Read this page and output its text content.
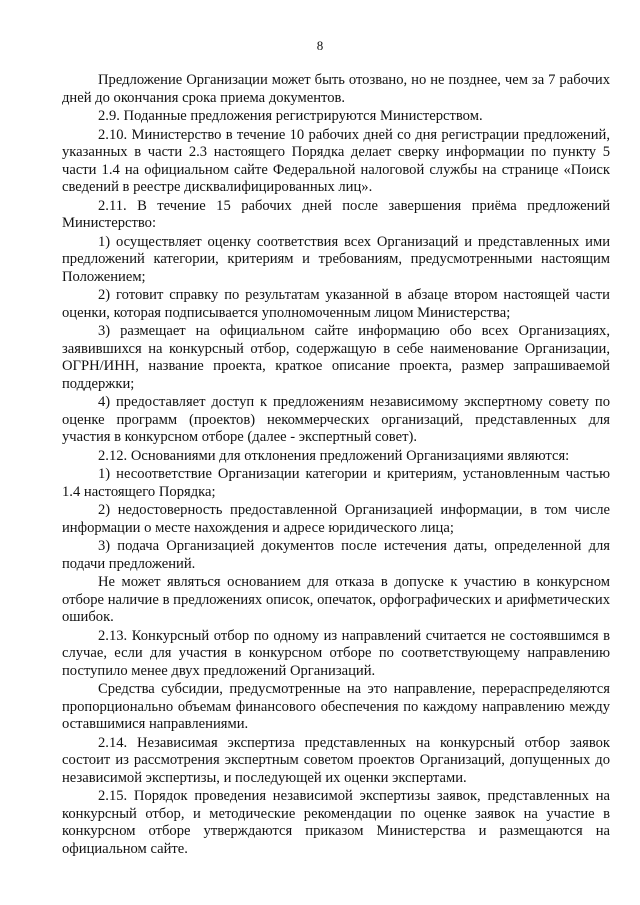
8

Предложение Организации может быть отозвано, но не позднее, чем за 7 рабочих дней до окончания срока приема документов.

2.9. Поданные предложения регистрируются Министерством.

2.10. Министерство в течение 10 рабочих дней со дня регистрации предложений, указанных в части 2.3 настоящего Порядка делает сверку информации по пункту 5 части 1.4 на официальном сайте Федеральной налоговой службы на странице «Поиск сведений в реестре дисквалифицированных лиц».

2.11. В течение 15 рабочих дней после завершения приёма предложений Министерство:

1) осуществляет оценку соответствия всех Организаций и представленных ими предложений категории, критериям и требованиям, предусмотренными настоящим Положением;

2) готовит справку по результатам указанной в абзаце втором настоящей части оценки, которая подписывается уполномоченным лицом Министерства;

3) размещает на официальном сайте информацию обо всех Организациях, заявившихся на конкурсный отбор, содержащую в себе наименование Организации, ОГРН/ИНН, название проекта, краткое описание проекта, размер запрашиваемой поддержки;

4) предоставляет доступ к предложениям независимому экспертному совету по оценке программ (проектов) некоммерческих организаций, представленных для участия в конкурсном отборе (далее - экспертный совет).

2.12. Основаниями для отклонения предложений Организациями являются:

1) несоответствие Организации категории и критериям, установленным частью 1.4 настоящего Порядка;

2) недостоверность предоставленной Организацией информации, в том числе информации о месте нахождения и адресе юридического лица;

3) подача Организацией документов после истечения даты, определенной для подачи предложений.

Не может являться основанием для отказа в допуске к участию в конкурсном отборе наличие в предложениях описок, опечаток, орфографических и арифметических ошибок.

2.13. Конкурсный отбор по одному из направлений считается не состоявшимся в случае, если для участия в конкурсном отборе по соответствующему направлению поступило менее двух предложений Организаций.

Средства субсидии, предусмотренные на это направление, перераспределяются пропорционально объемам финансового обеспечения по каждому направлению между оставшимися направлениями.

2.14. Независимая экспертиза представленных на конкурсный отбор заявок состоит из рассмотрения экспертным советом проектов Организаций, допущенных до независимой экспертизы, и последующей их оценки экспертами.

2.15. Порядок проведения независимой экспертизы заявок, представленных на конкурсный отбор, и методические рекомендации по оценке заявок на участие в конкурсном отборе утверждаются приказом Министерства и размещаются на официальном сайте.
